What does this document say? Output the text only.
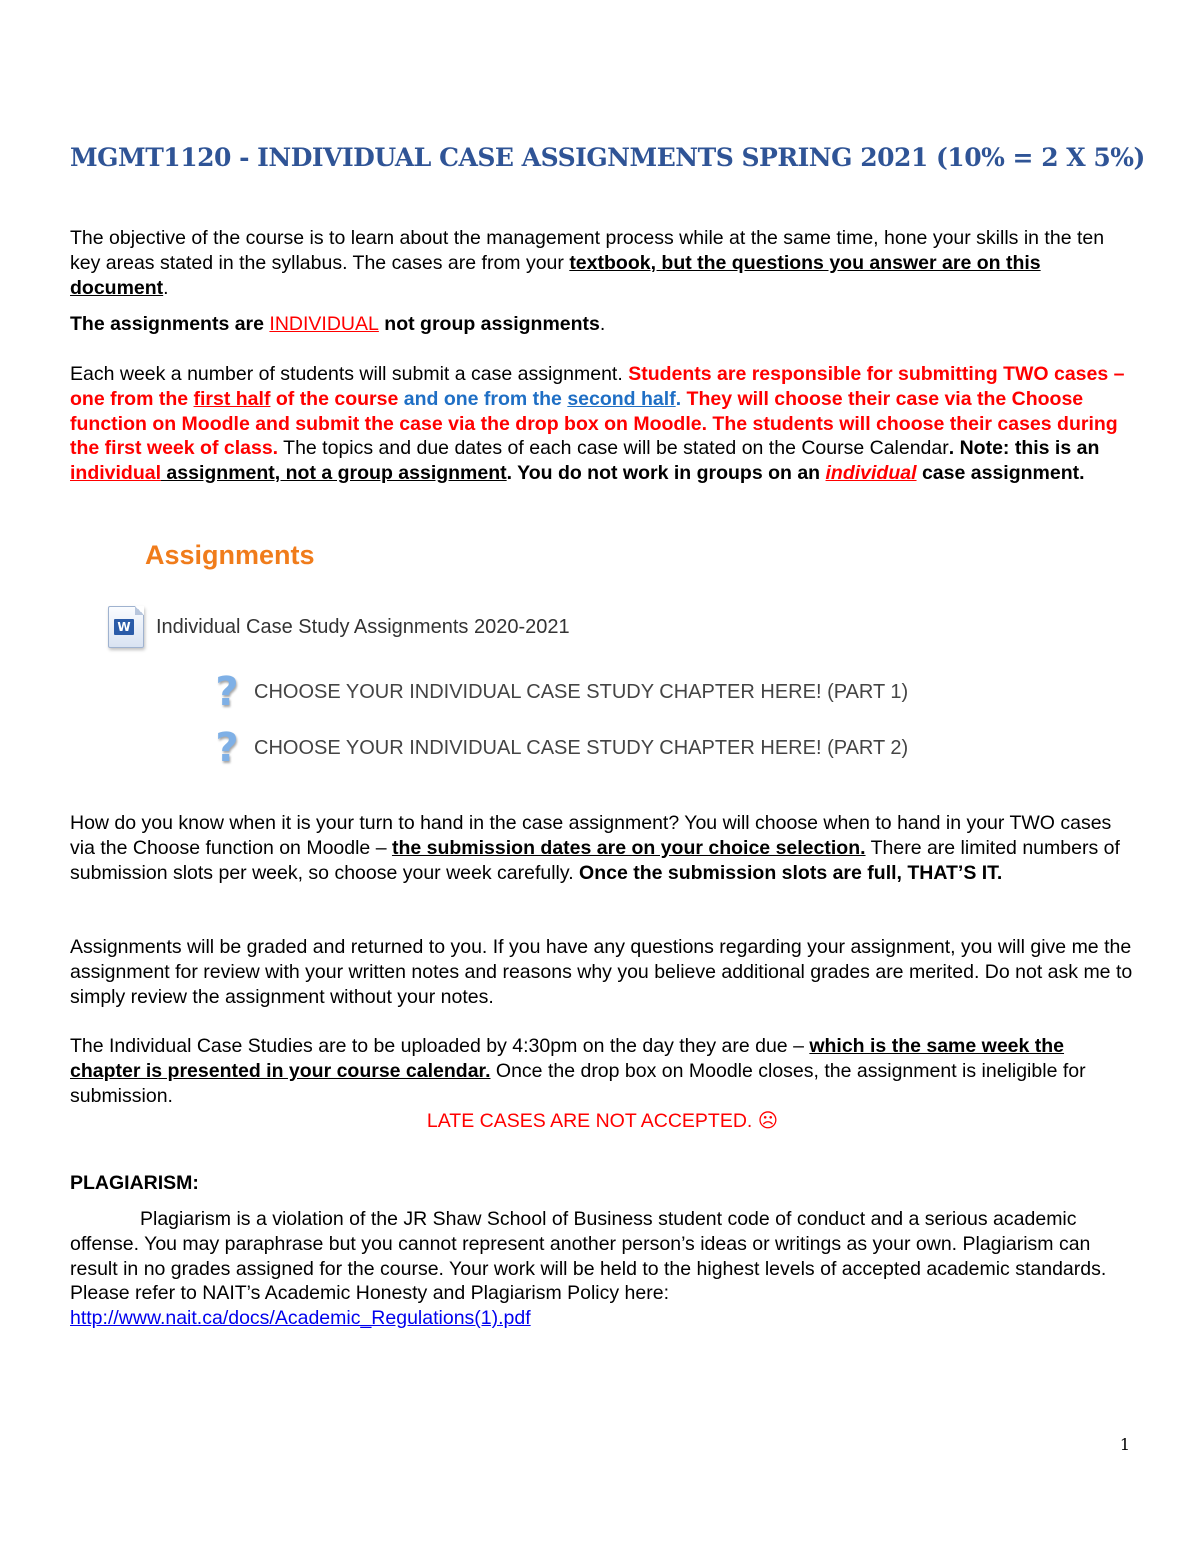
MGMT1120 - INDIVIDUAL CASE ASSIGNMENTS SPRING 2021 (10% = 2 X 5%)

The objective of the course is to learn about the management process while at the same time, hone your skills in the ten key areas stated in the syllabus. The cases are from your textbook, but the questions you answer are on this document.

The assignments are INDIVIDUAL not group assignments.

Each week a number of students will submit a case assignment. Students are responsible for submitting TWO cases – one from the first half of the course and one from the second half. They will choose their case via the Choose function on Moodle and submit the case via the drop box on Moodle. The students will choose their cases during the first week of class. The topics and due dates of each case will be stated on the Course Calendar. Note: this is an individual assignment, not a group assignment. You do not work in groups on an individual case assignment.

Assignments
W Individual Case Study Assignments 2020-2021
? CHOOSE YOUR INDIVIDUAL CASE STUDY CHAPTER HERE! (PART 1)
? CHOOSE YOUR INDIVIDUAL CASE STUDY CHAPTER HERE! (PART 2)

How do you know when it is your turn to hand in the case assignment? You will choose when to hand in your TWO cases via the Choose function on Moodle – the submission dates are on your choice selection. There are limited numbers of submission slots per week, so choose your week carefully. Once the submission slots are full, THAT’S IT.

Assignments will be graded and returned to you. If you have any questions regarding your assignment, you will give me the assignment for review with your written notes and reasons why you believe additional grades are merited. Do not ask me to simply review the assignment without your notes.

The Individual Case Studies are to be uploaded by 4:30pm on the day they are due – which is the same week the chapter is presented in your course calendar. Once the drop box on Moodle closes, the assignment is ineligible for submission.

LATE CASES ARE NOT ACCEPTED. ☹

PLAGIARISM:

Plagiarism is a violation of the JR Shaw School of Business student code of conduct and a serious academic offense. You may paraphrase but you cannot represent another person’s ideas or writings as your own. Plagiarism can result in no grades assigned for the course. Your work will be held to the highest levels of accepted academic standards. Please refer to NAIT’s Academic Honesty and Plagiarism Policy here:
http://www.nait.ca/docs/Academic_Regulations(1).pdf

1
